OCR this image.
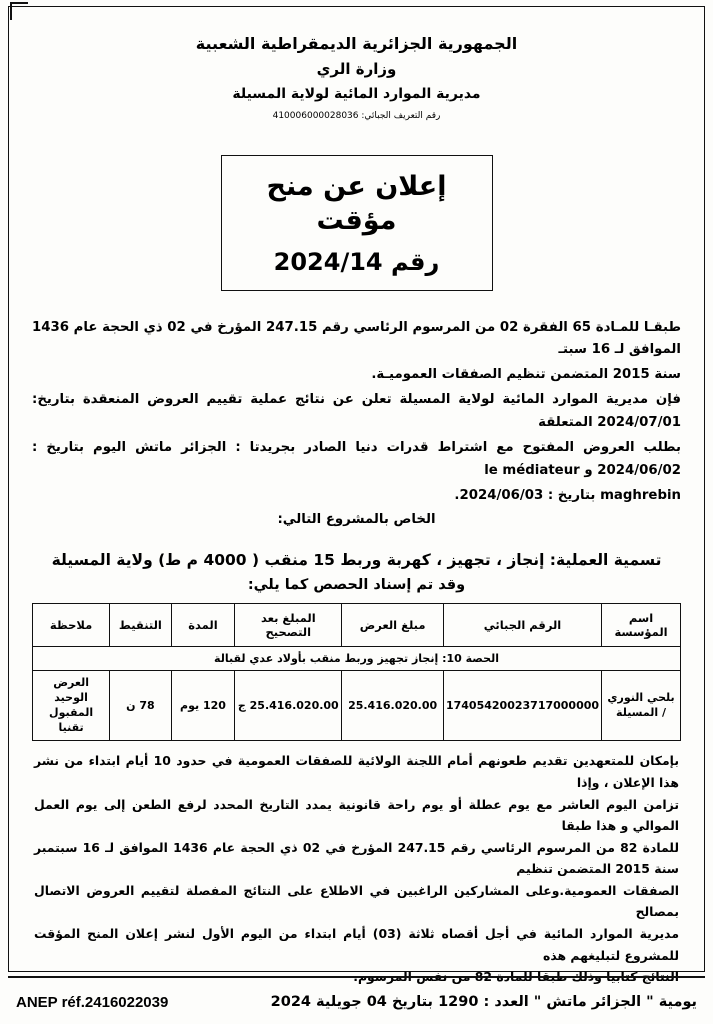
الجمهورية الجزائرية الديمقراطية الشعبية
وزارة الري
مديرية الموارد المائية لولاية المسيلة
رقم التعريف الجبائي: 410006000028036
إعلان عن منح مؤقت
رقم 2024/14

طبقـا للمـادة 65 الفقرة 02 من المرسوم الرئاسي رقم 247.15 المؤرخ في 02 ذي الحجة عام 1436 الموافق لـ 16 سبتـ

سنة 2015 المتضمن تنظيم الصفقات العموميـة.

فإن مديرية الموارد المائية لولاية المسيلة تعلن عن نتائج عملية تقييم العروض المنعقدة بتاريخ: 2024/07/01 المتعلقة

بطلب العروض المفتوح مع اشتراط قدرات دنيا الصادر بجريدتا : الجزائر ماتش اليوم بتاريخ : 2024/06/02 و le médiateur

maghrebin بتاريخ : 2024/06/03.

الخاص بالمشروع التالي:

تسمية العملية: إنجاز ، تجهيز ، كهربة وربط 15 منقب ( 4000 م ط) ولاية المسيلة
وقد تم إسناد الحصص كما يلي:
اسم المؤسسة	الرقم الجبائي	مبلغ العرض	المبلغ بعد التصحيح	المدة	التنقيط	ملاحظة
الحصة 10: إنجاز تجهيز وربط منقب بأولاد عدي لقبالة						
بلحي النوري / المسيلة	17405420023717000000	25.416.020.00	25.416.020.00 ج	120 يوم	78 ن	العرض الوحيد المقبول تقنيا

بإمكان للمتعهدين تقديم طعونهم أمام اللجنة الولائية للصفقات العمومية في حدود 10 أيام ابتداء من نشر هذا الإعلان ، وإذا

تزامن اليوم العاشر مع يوم عطلة أو يوم راحة قانونية يمدد التاريخ المحدد لرفع الطعن إلى يوم العمل الموالي و هذا طبقا

للمادة 82 من المرسوم الرئاسي رقم 247.15 المؤرخ في 02 ذي الحجة عام 1436 الموافق لـ 16 سبتمبر سنة 2015 المتضمن تنظيم

الصفقات العمومية.وعلى المشاركين الراغبين في الاطلاع على النتائج المفصلة لتقييم العروض الاتصال بمصالح

مديرية الموارد المائية في أجل أقصاه ثلاثة (03) أيام ابتداء من اليوم الأول لنشر إعلان المنح المؤقت للمشروع لتبليغهم هذه

النتائج كتابيا وذلك طبقا للمادة 82 من نفس المرسوم.

يومية " الجزائر ماتش " العدد : 1290 بتاريخ 04 جويلية 2024
ANEP réf.2416022039
